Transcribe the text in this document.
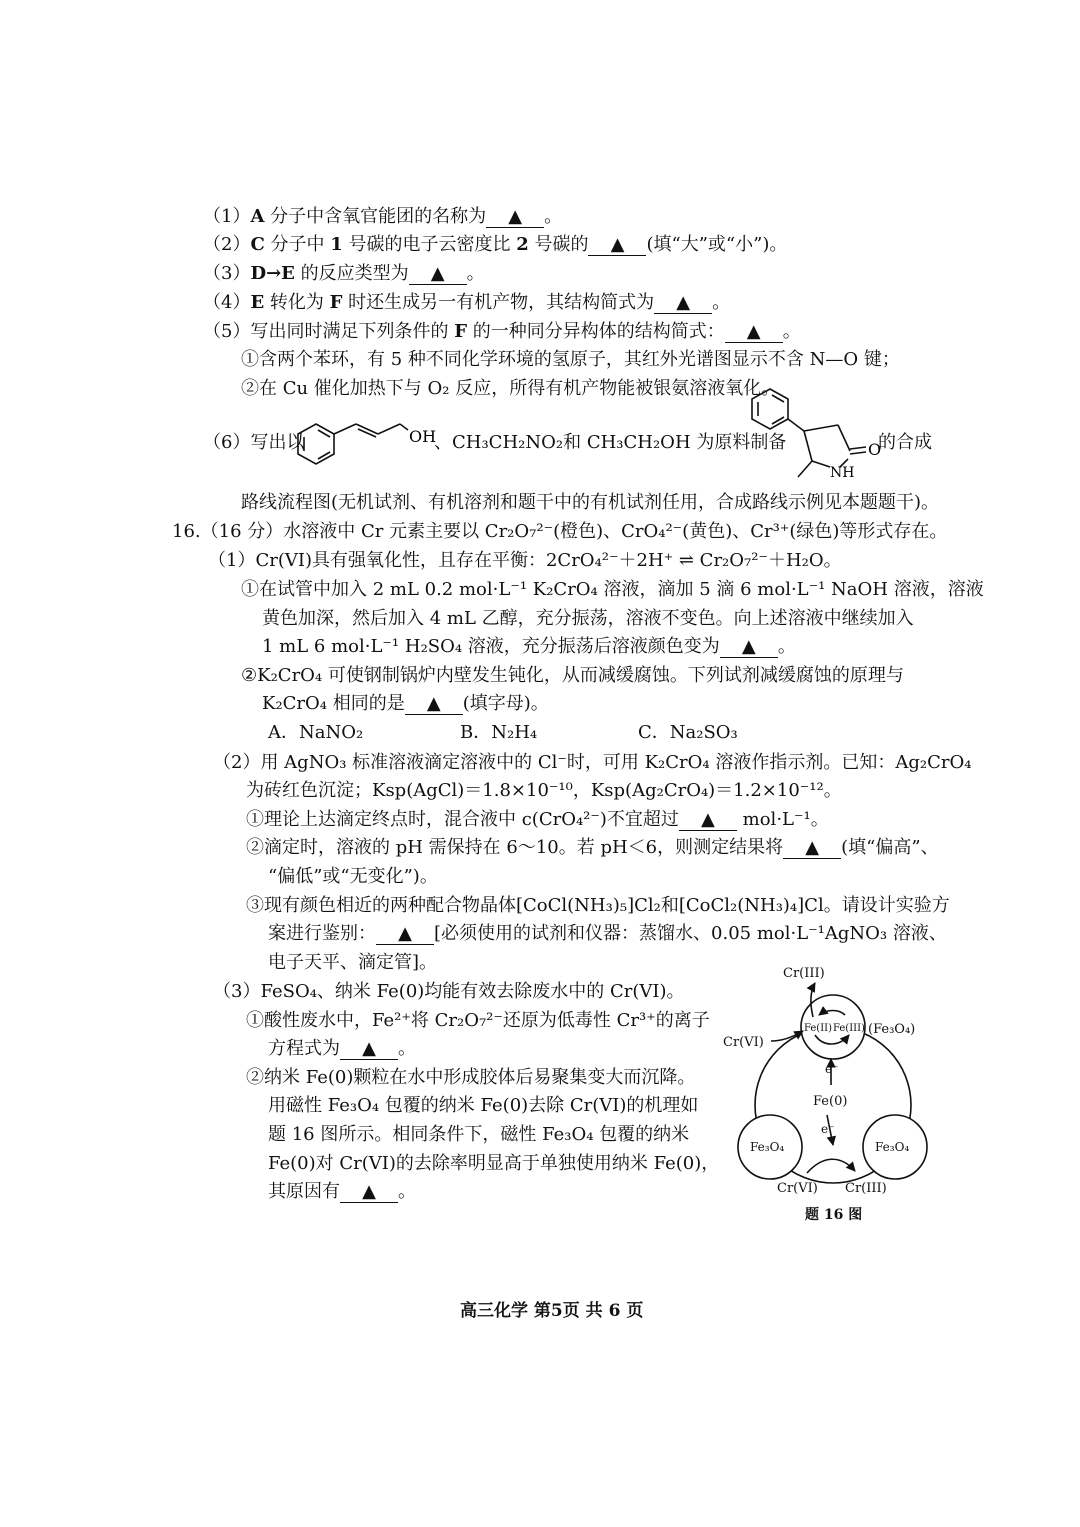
（1）A 分子中含氧官能团的名称为 ▲ 。
（2）C 分子中 1 号碳的电子云密度比 2 号碳的 ▲ (填“大”或“小”)。
（3）D→E 的反应类型为 ▲ 。
（4）E 转化为 F 时还生成另一有机产物，其结构简式为 ▲ 。
（5）写出同时满足下列条件的 F 的一种同分异构体的结构简式： ▲ 。
①含两个苯环，有 5 种不同化学环境的氢原子，其红外光谱图显示不含 N—O 键；
②在 Cu 催化加热下与 O₂ 反应，所得有机产物能被银氨溶液氧化。
（6）写出以	OH
、CH₃CH₂NO₂和 CH₃CH₂OH 为原料制备	O
NH
的合成
路线流程图(无机试剂、有机溶剂和题干中的有机试剂任用，合成路线示例见本题题干)。
16.（16 分）水溶液中 Cr 元素主要以 Cr₂O₇²⁻(橙色)、CrO₄²⁻(黄色)、Cr³⁺(绿色)等形式存在。
（1）Cr(VI)具有强氧化性，且存在平衡：2CrO₄²⁻＋2H⁺ ⇌ Cr₂O₇²⁻＋H₂O。
①在试管中加入 2 mL 0.2 mol·L⁻¹ K₂CrO₄ 溶液，滴加 5 滴 6 mol·L⁻¹ NaOH 溶液，溶液
黄色加深，然后加入 4 mL 乙醇，充分振荡，溶液不变色。向上述溶液中继续加入
1 mL 6 mol·L⁻¹ H₂SO₄ 溶液，充分振荡后溶液颜色变为 ▲ 。
②K₂CrO₄ 可使钢制锅炉内壁发生钝化，从而减缓腐蚀。下列试剂减缓腐蚀的原理与
K₂CrO₄ 相同的是 ▲ (填字母)。
A．NaNO₂	B．N₂H₄	C．Na₂SO₃
（2）用 AgNO₃ 标准溶液滴定溶液中的 Cl⁻时，可用 K₂CrO₄ 溶液作指示剂。已知：Ag₂CrO₄
为砖红色沉淀；Ksp(AgCl)＝1.8×10⁻¹⁰，Ksp(Ag₂CrO₄)＝1.2×10⁻¹²。
①理论上达滴定终点时，混合液中 c(CrO₄²⁻)不宜超过 ▲ mol·L⁻¹。
②滴定时，溶液的 pH 需保持在 6～10。若 pH＜6，则测定结果将 ▲ (填“偏高”、
“偏低”或“无变化”)。
③现有颜色相近的两种配合物晶体[CoCl(NH₃)₅]Cl₂和[CoCl₂(NH₃)₄]Cl。请设计实验方
案进行鉴别： ▲ [必须使用的试剂和仪器：蒸馏水、0.05 mol·L⁻¹AgNO₃ 溶液、
电子天平、滴定管]。
（3）FeSO₄、纳米 Fe(0)均能有效去除废水中的 Cr(VI)。
①酸性废水中，Fe²⁺将 Cr₂O₇²⁻还原为低毒性 Cr³⁺的离子
方程式为 ▲ 。
②纳米 Fe(0)颗粒在水中形成胶体后易聚集变大而沉降。
用磁性 Fe₃O₄ 包覆的纳米 Fe(0)去除 Cr(VI)的机理如
题 16 图所示。相同条件下，磁性 Fe₃O₄ 包覆的纳米
Fe(0)对 Cr(VI)的去除率明显高于单独使用纳米 Fe(0)，
其原因有 ▲ 。
Cr(III)
Cr(VI)
Fe(II) Fe(III) (Fe₃O₄)
e⁻
Fe(0)
e⁻
Fe₃O₄	Fe₃O₄
Cr(VI) Cr(III)
题 16 图
高三化学 第5页 共 6 页
